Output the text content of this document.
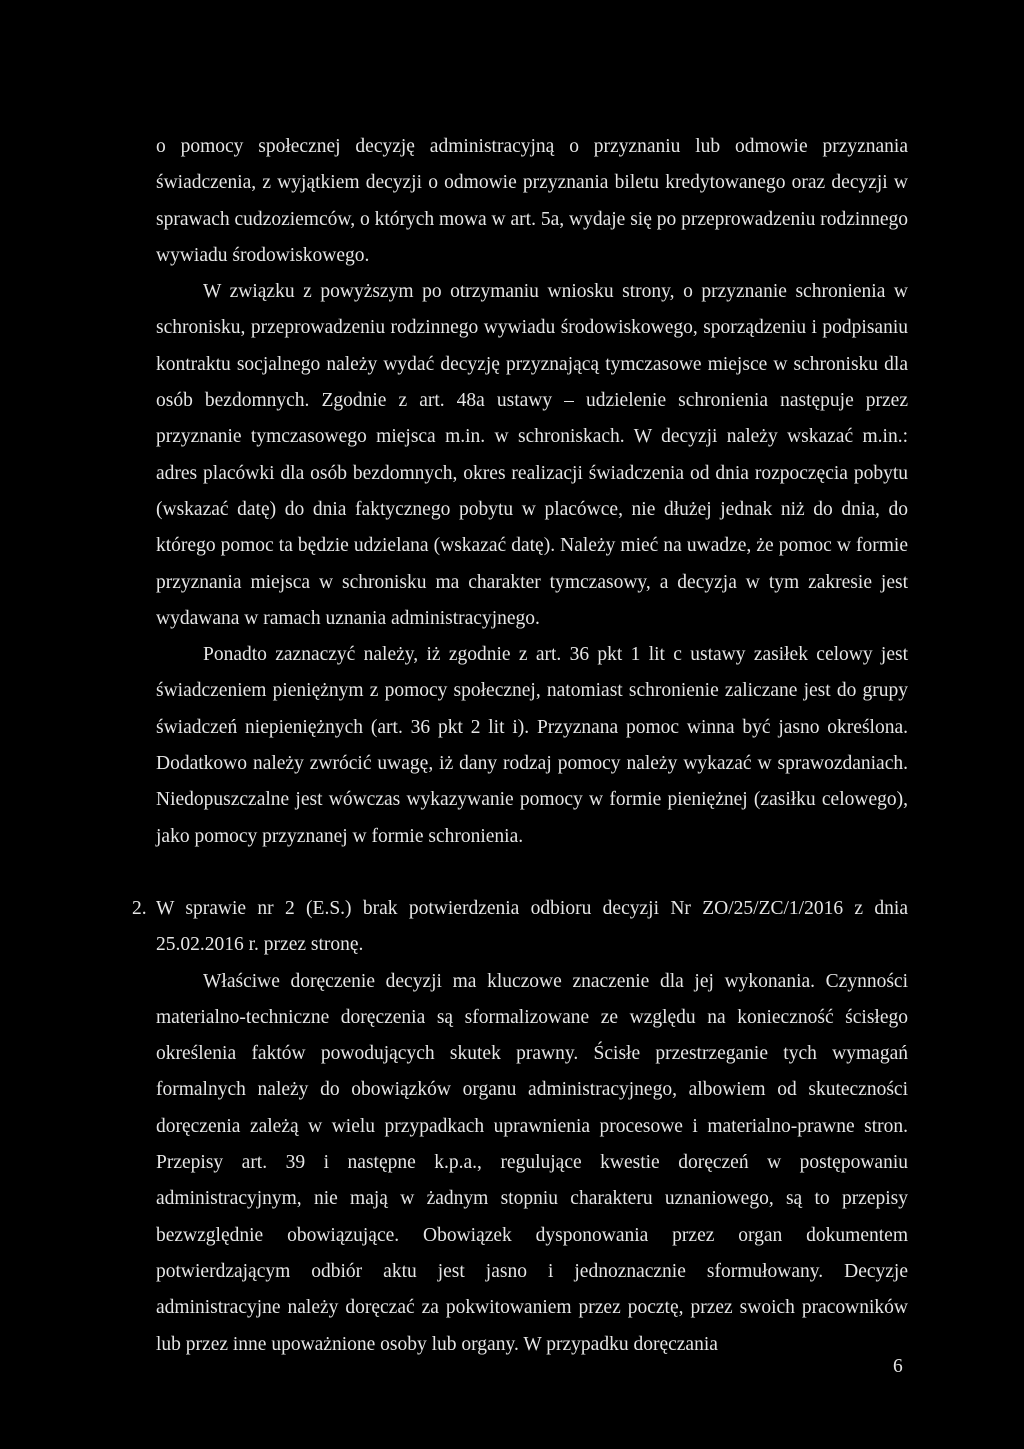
o pomocy społecznej decyzję administracyjną o przyznaniu lub odmowie przyznania świadczenia, z wyjątkiem decyzji o odmowie przyznania biletu kredytowanego oraz decyzji w sprawach cudzoziemców, o których mowa w art. 5a, wydaje się po przeprowadzeniu rodzinnego wywiadu środowiskowego.

W związku z powyższym po otrzymaniu wniosku strony, o przyznanie schronienia w schronisku, przeprowadzeniu rodzinnego wywiadu środowiskowego, sporządzeniu i podpisaniu kontraktu socjalnego należy wydać decyzję przyznającą tymczasowe miejsce w schronisku dla osób bezdomnych. Zgodnie z art. 48a ustawy – udzielenie schronienia następuje przez przyznanie tymczasowego miejsca m.in. w schroniskach. W decyzji należy wskazać m.in.: adres placówki dla osób bezdomnych, okres realizacji świadczenia od dnia rozpoczęcia pobytu (wskazać datę) do dnia faktycznego pobytu w placówce, nie dłużej jednak niż do dnia, do którego pomoc ta będzie udzielana (wskazać datę). Należy mieć na uwadze, że pomoc w formie przyznania miejsca w schronisku ma charakter tymczasowy, a decyzja w tym zakresie jest wydawana w ramach uznania administracyjnego.

Ponadto zaznaczyć należy, iż zgodnie z art. 36 pkt 1 lit c ustawy zasiłek celowy jest świadczeniem pieniężnym z pomocy społecznej, natomiast schronienie zaliczane jest do grupy świadczeń niepieniężnych (art. 36 pkt 2 lit i). Przyznana pomoc winna być jasno określona. Dodatkowo należy zwrócić uwagę, iż dany rodzaj pomocy należy wykazać w sprawozdaniach. Niedopuszczalne jest wówczas wykazywanie pomocy w formie pieniężnej (zasiłku celowego), jako pomocy przyznanej w formie schronienia.

2. W sprawie nr 2 (E.S.) brak potwierdzenia odbioru decyzji Nr ZO/25/ZC/1/2016 z dnia 25.02.2016 r. przez stronę.

Właściwe doręczenie decyzji ma kluczowe znaczenie dla jej wykonania. Czynności materialno-techniczne doręczenia są sformalizowane ze względu na konieczność ścisłego określenia faktów powodujących skutek prawny. Ścisłe przestrzeganie tych wymagań formalnych należy do obowiązków organu administracyjnego, albowiem od skuteczności doręczenia zależą w wielu przypadkach uprawnienia procesowe i materialno-prawne stron. Przepisy art. 39 i następne k.p.a., regulujące kwestie doręczeń w postępowaniu administracyjnym, nie mają w żadnym stopniu charakteru uznaniowego, są to przepisy bezwzględnie obowiązujące. Obowiązek dysponowania przez organ dokumentem potwierdzającym odbiór aktu jest jasno i jednoznacznie sformułowany. Decyzje administracyjne należy doręczać za pokwitowaniem przez pocztę, przez swoich pracowników lub przez inne upoważnione osoby lub organy. W przypadku doręczania

6
